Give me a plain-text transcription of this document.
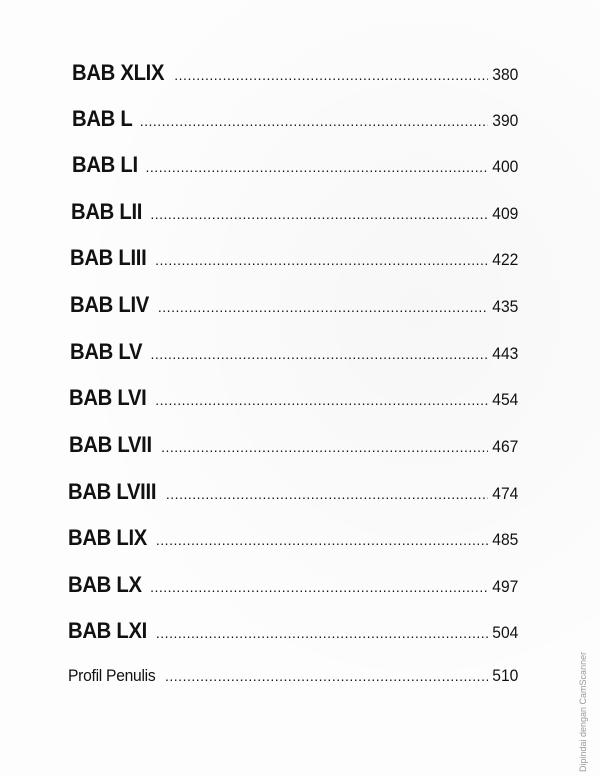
BAB XLIX .....	380
BAB L .....	390
BAB LI .....	400
BAB LII .....	409
BAB LIII .....	422
BAB LIV .....	435
BAB LV .....	443
BAB LVI .....	454
BAB LVII .....	467
BAB LVIII .....	474
BAB LIX .....	485
BAB LX .....	497
BAB LXI .....	504
Profil Penulis .....	510	Dipindai dengan CamScanner
